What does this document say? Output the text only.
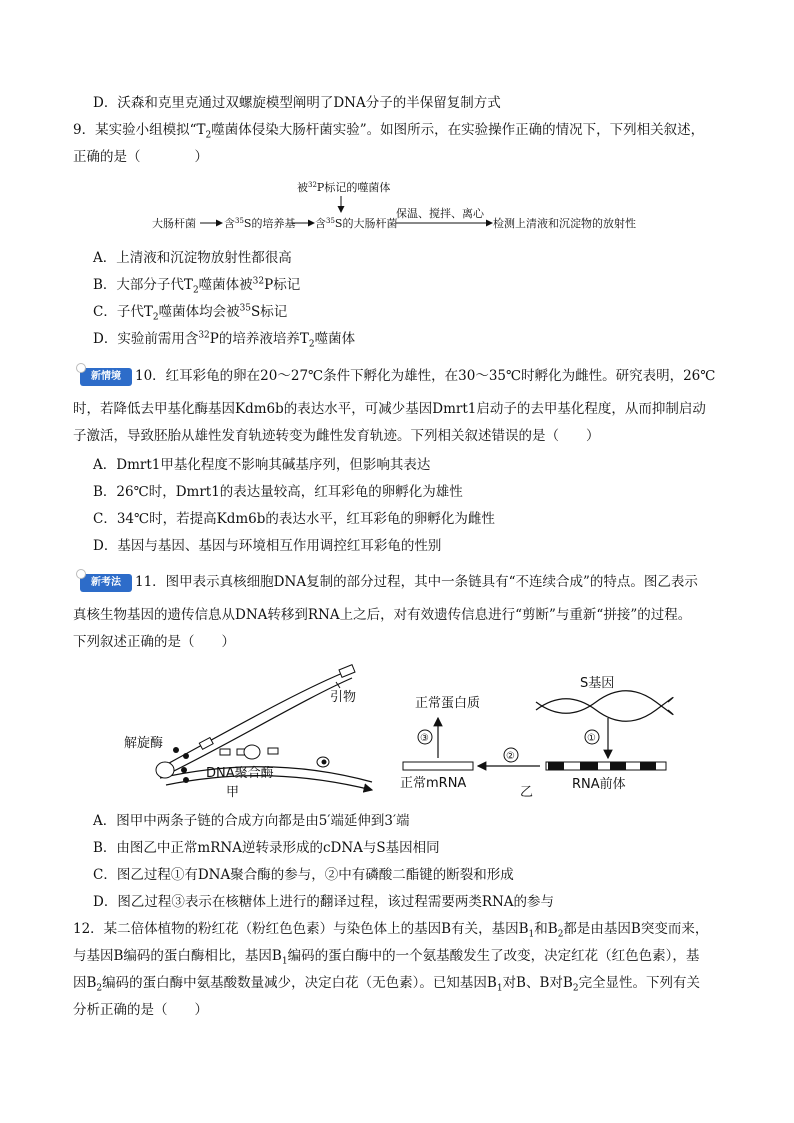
D．沃森和克里克通过双螺旋模型阐明了DNA分子的半保留复制方式
9．某实验小组模拟“$T_2$噬菌体侵染大肠杆菌实验”。如图所示，在实验操作正确的情况下，下列相关叙述，
正确的是（　　　　）
被$^{32}$P标记的噬菌体
大肠杆菌	含$^{35}$S的培养基 含$^{35}$S的大肠杆菌
保温、搅拌、离心
检测上清液和沉淀物的放射性
A．上清液和沉淀物放射性都很高
B．大部分子代$T_2$噬菌体被$^{32}$P标记
C．子代$T_2$噬菌体均会被$^{35}$S标记
D．实验前需用含$^{32}$P的培养液培养$T_2$噬菌体
新情境	10．红耳彩龟的卵在20～27℃条件下孵化为雄性，在30～35℃时孵化为雌性。研究表明，26℃
时，若降低去甲基化酶基因Kdm6b的表达水平，可减少基因Dmrt1启动子的去甲基化程度，从而抑制启动
子激活，导致胚胎从雄性发育轨迹转变为雌性发育轨迹。下列相关叙述错误的是（　　）
A．Dmrt1甲基化程度不影响其碱基序列，但影响其表达
B．26℃时，Dmrt1的表达量较高，红耳彩龟的卵孵化为雄性
C．34℃时，若提高Kdm6b的表达水平，红耳彩龟的卵孵化为雌性
D．基因与基因、基因与环境相互作用调控红耳彩龟的性别
新考法	11．图甲表示真核细胞DNA复制的部分过程，其中一条链具有“不连续合成”的特点。图乙表示
真核生物基因的遗传信息从DNA转移到RNA上之后，对有效遗传信息进行“剪断”与重新“拼接”的过程。
下列叙述正确的是（　　）
引物
解旋酶
DNA聚合酶
甲
正常蛋白质
S基因
①
RNA前体
②
正常mRNA
③
乙
A．图甲中两条子链的合成方向都是由5′端延伸到3′端
B．由图乙中正常mRNA逆转录形成的cDNA与S基因相同
C．图乙过程①有DNA聚合酶的参与，②中有磷酸二酯键的断裂和形成
D．图乙过程③表示在核糖体上进行的翻译过程，该过程需要两类RNA的参与
12．某二倍体植物的粉红花（粉红色色素）与染色体上的基因B有关，基因$B_1$和$B_2$都是由基因B突变而来，
与基因B编码的蛋白酶相比，基因$B_1$编码的蛋白酶中的一个氨基酸发生了改变，决定红花（红色色素），基
因$B_2$编码的蛋白酶中氨基酸数量减少，决定白花（无色素）。已知基因$B_1$对B、B对$B_2$完全显性。下列有关
分析正确的是（　　）
